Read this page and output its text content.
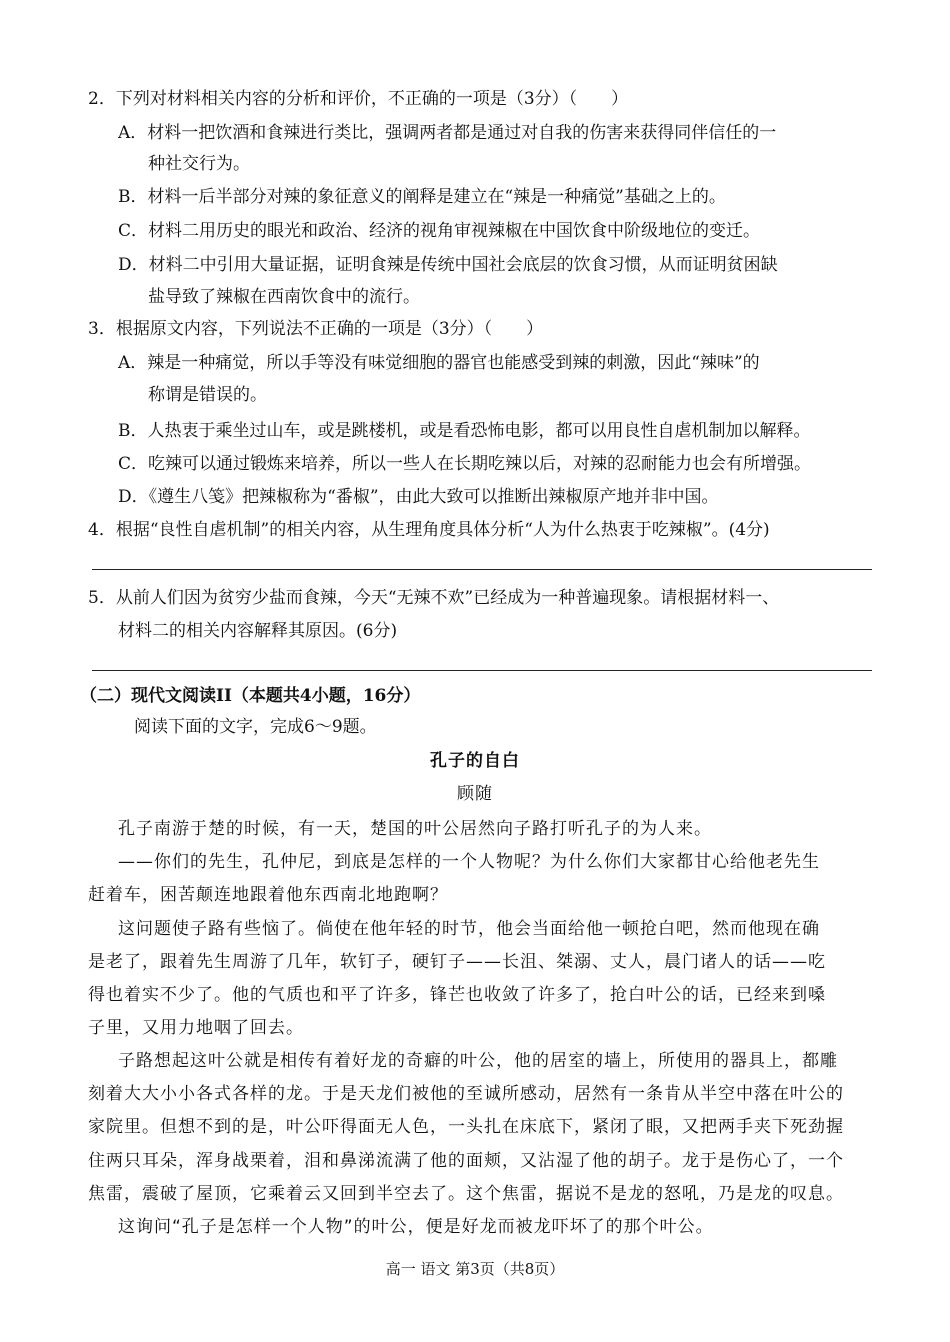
2．下列对材料相关内容的分析和评价，不正确的一项是（3分）（　　）
A．材料一把饮酒和食辣进行类比，强调两者都是通过对自我的伤害来获得同伴信任的一
种社交行为。
B．材料一后半部分对辣的象征意义的阐释是建立在“辣是一种痛觉”基础之上的。
C．材料二用历史的眼光和政治、经济的视角审视辣椒在中国饮食中阶级地位的变迁。
D．材料二中引用大量证据，证明食辣是传统中国社会底层的饮食习惯，从而证明贫困缺
盐导致了辣椒在西南饮食中的流行。
3．根据原文内容，下列说法不正确的一项是（3分）（　　）
A．辣是一种痛觉，所以手等没有味觉细胞的器官也能感受到辣的刺激，因此“辣味”的
称谓是错误的。
B．人热衷于乘坐过山车，或是跳楼机，或是看恐怖电影，都可以用良性自虐机制加以解释。
C．吃辣可以通过锻炼来培养，所以一些人在长期吃辣以后，对辣的忍耐能力也会有所增强。
D．《遵生八笺》把辣椒称为“番椒”，由此大致可以推断出辣椒原产地并非中国。
4．根据“良性自虐机制”的相关内容，从生理角度具体分析“人为什么热衷于吃辣椒”。(4分)
5．从前人们因为贫穷少盐而食辣，今天“无辣不欢”已经成为一种普遍现象。请根据材料一、
材料二的相关内容解释其原因。(6分)
（二）现代文阅读II（本题共4小题，16分）
阅读下面的文字，完成6～9题。
孔子的自白
顾随
孔子南游于楚的时候，有一天，楚国的叶公居然向子路打听孔子的为人来。
——你们的先生，孔仲尼，到底是怎样的一个人物呢？为什么你们大家都甘心给他老先生
赶着车，困苦颠连地跟着他东西南北地跑啊？
这问题使子路有些恼了。倘使在他年轻的时节，他会当面给他一顿抢白吧，然而他现在确
是老了，跟着先生周游了几年，软钉子，硬钉子——长沮、桀溺、丈人，晨门诸人的话——吃
得也着实不少了。他的气质也和平了许多，锋芒也收敛了许多了，抢白叶公的话，已经来到嗓
子里，又用力地咽了回去。
子路想起这叶公就是相传有着好龙的奇癖的叶公，他的居室的墙上，所使用的器具上，都雕
刻着大大小小各式各样的龙。于是天龙们被他的至诚所感动，居然有一条肯从半空中落在叶公的
家院里。但想不到的是，叶公吓得面无人色，一头扎在床底下，紧闭了眼，又把两手夹下死劲握
住两只耳朵，浑身战栗着，泪和鼻涕流满了他的面颊，又沾湿了他的胡子。龙于是伤心了，一个
焦雷，震破了屋顶，它乘着云又回到半空去了。这个焦雷，据说不是龙的怒吼，乃是龙的叹息。
这询问“孔子是怎样一个人物”的叶公，便是好龙而被龙吓坏了的那个叶公。
高一 语文 第3页（共8页）
